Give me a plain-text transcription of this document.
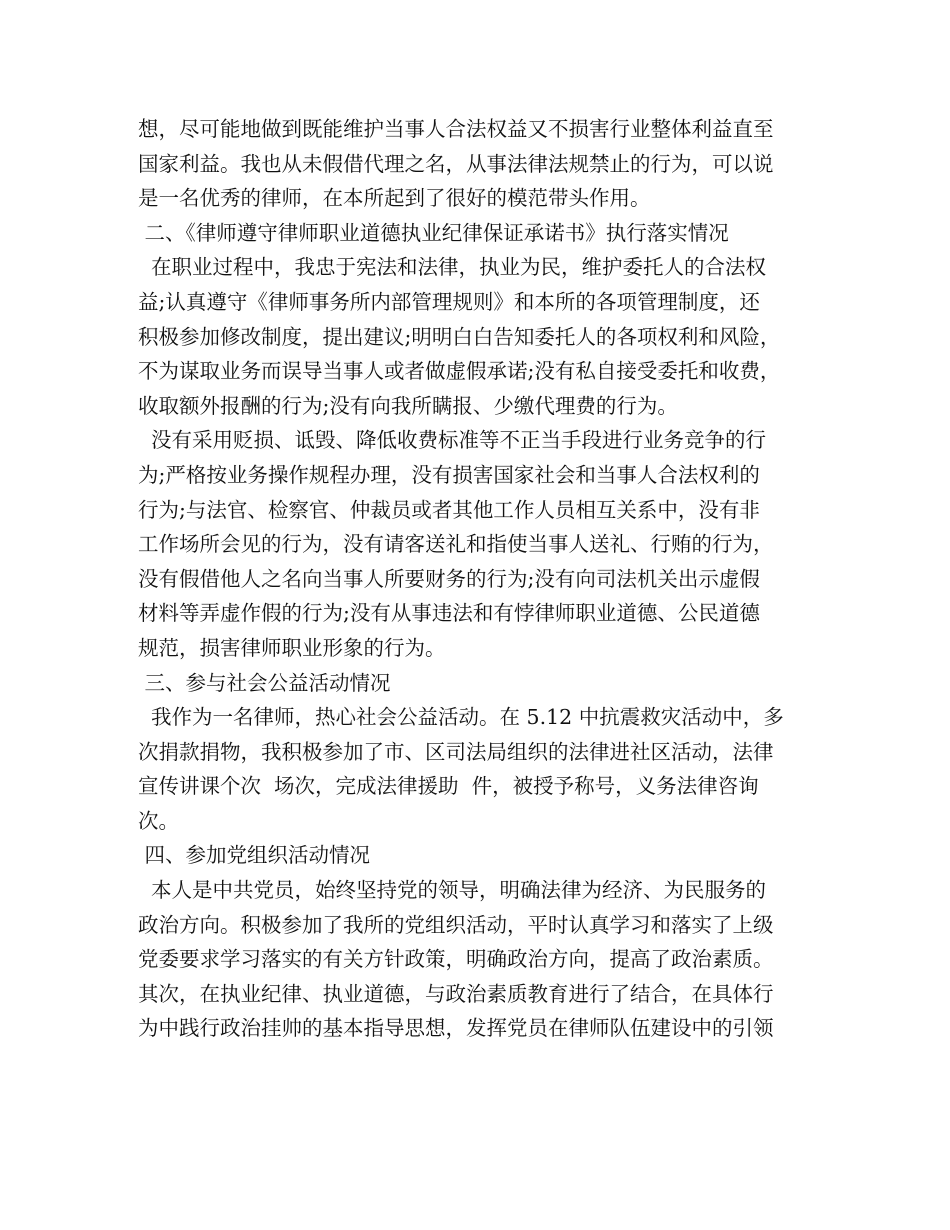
想，尽可能地做到既能维护当事人合法权益又不损害行业整体利益直至
国家利益。我也从未假借代理之名，从事法律法规禁止的行为，可以说
是一名优秀的律师，在本所起到了很好的模范带头作用。
二、《律师遵守律师职业道德执业纪律保证承诺书》执行落实情况
在职业过程中，我忠于宪法和法律，执业为民，维护委托人的合法权
益;认真遵守《律师事务所内部管理规则》和本所的各项管理制度，还
积极参加修改制度，提出建议;明明白白告知委托人的各项权利和风险，
不为谋取业务而误导当事人或者做虚假承诺;没有私自接受委托和收费，
收取额外报酬的行为;没有向我所瞒报、少缴代理费的行为。
没有采用贬损、诋毁、降低收费标准等不正当手段进行业务竞争的行
为;严格按业务操作规程办理，没有损害国家社会和当事人合法权利的
行为;与法官、检察官、仲裁员或者其他工作人员相互关系中，没有非
工作场所会见的行为，没有请客送礼和指使当事人送礼、行贿的行为，
没有假借他人之名向当事人所要财务的行为;没有向司法机关出示虚假
材料等弄虚作假的行为;没有从事违法和有悖律师职业道德、公民道德
规范，损害律师职业形象的行为。
三、参与社会公益活动情况
我作为一名律师，热心社会公益活动。在 5.12 中抗震救灾活动中，多
次捐款捐物，我积极参加了市、区司法局组织的法律进社区活动，法律
宣传讲课个次  场次，完成法律援助  件，被授予称号，义务法律咨询
次。
四、参加党组织活动情况
本人是中共党员，始终坚持党的领导，明确法律为经济、为民服务的
政治方向。积极参加了我所的党组织活动，平时认真学习和落实了上级
党委要求学习落实的有关方针政策，明确政治方向，提高了政治素质。
其次，在执业纪律、执业道德，与政治素质教育进行了结合，在具体行
为中践行政治挂帅的基本指导思想，发挥党员在律师队伍建设中的引领
